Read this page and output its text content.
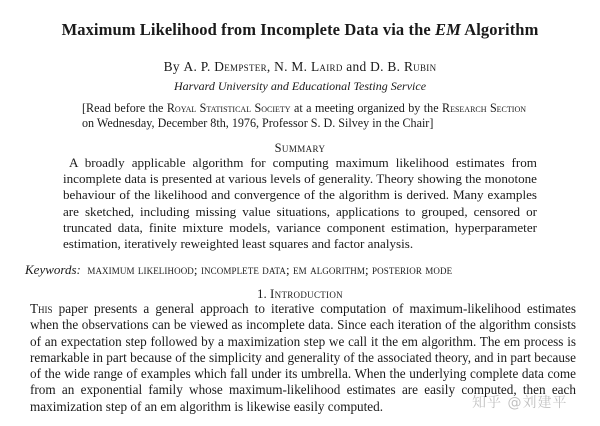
Maximum Likelihood from Incomplete Data via the EM Algorithm
By A. P. Dempster, N. M. Laird and D. B. Rubin
Harvard University and Educational Testing Service
[Read before the Royal Statistical Society at a meeting organized by the Research Section on Wednesday, December 8th, 1976, Professor S. D. Silvey in the Chair]
Summary
A broadly applicable algorithm for computing maximum likelihood estimates from incomplete data is presented at various levels of generality. Theory showing the monotone behaviour of the likelihood and convergence of the algorithm is derived. Many examples are sketched, including missing value situations, applications to grouped, censored or truncated data, finite mixture models, variance component estimation, hyperparameter estimation, iteratively reweighted least squares and factor analysis.
Keywords: maximum likelihood; incomplete data; em algorithm; posterior mode
1. Introduction
This paper presents a general approach to iterative computation of maximum-likelihood estimates when the observations can be viewed as incomplete data. Since each iteration of the algorithm consists of an expectation step followed by a maximization step we call it the em algorithm. The em process is remarkable in part because of the simplicity and generality of the associated theory, and in part because of the wide range of examples which fall under its umbrella. When the underlying complete data come from an exponential family whose maximum-likelihood estimates are easily computed, then each maximization step of an em algorithm is likewise easily computed.	知乎 @刘建平
